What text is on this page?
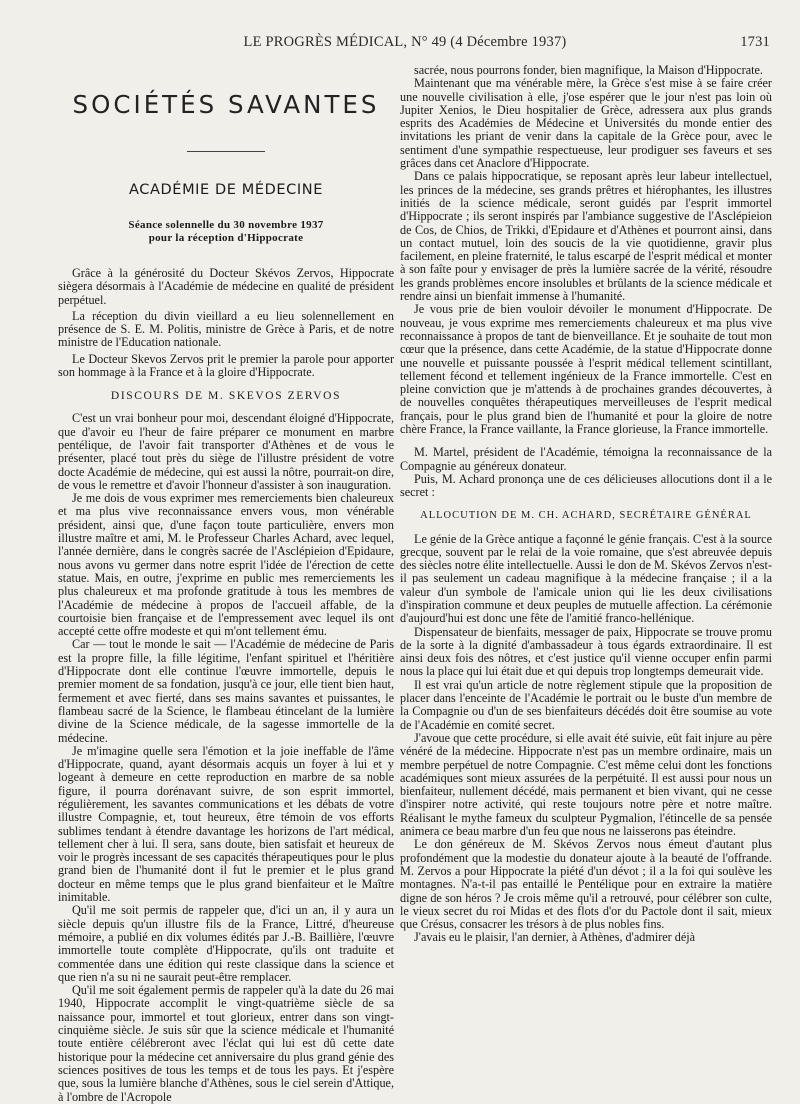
LE PROGRÈS MÉDICAL, N° 49 (4 Décembre 1937)	1731
SOCIÉTÉS SAVANTES
ACADÉMIE DE MÉDECINE
Séance solennelle du 30 novembre 1937
pour la réception d'Hippocrate

Grâce à la générosité du Docteur Skévos Zervos, Hippocrate siègera désormais à l'Académie de médecine en qualité de président perpétuel.

La réception du divin vieillard a eu lieu solennellement en présence de S. E. M. Politis, ministre de Grèce à Paris, et de notre ministre de l'Education nationale.

Le Docteur Skevos Zervos prit le premier la parole pour apporter son hommage à la France et à la gloire d'Hippocrate.

DISCOURS DE M. SKEVOS ZERVOS

C'est un vrai bonheur pour moi, descendant éloigné d'Hippocrate, que d'avoir eu l'heur de faire préparer ce monument en marbre pentélique, de l'avoir fait transporter d'Athènes et de vous le présenter, placé tout près du siège de l'illustre président de votre docte Académie de médecine, qui est aussi la nôtre, pourrait-on dire, de vous le remettre et d'avoir l'honneur d'assister à son inauguration.

Je me dois de vous exprimer mes remerciements bien chaleureux et ma plus vive reconnaissance envers vous, mon vénérable président, ainsi que, d'une façon toute particulière, envers mon illustre maître et ami, M. le Professeur Charles Achard, avec lequel, l'année dernière, dans le congrès sacrée de l'Asclépieion d'Epidaure, nous avons vu germer dans notre esprit l'idée de l'érection de cette statue. Mais, en outre, j'exprime en public mes remerciements les plus chaleureux et ma profonde gratitude à tous les membres de l'Académie de médecine à propos de l'accueil affable, de la courtoisie bien française et de l'empressement avec lequel ils ont accepté cette offre modeste et qui m'ont tellement ému.

Car — tout le monde le sait — l'Académie de médecine de Paris est la propre fille, la fille légitime, l'enfant spirituel et l'héritière d'Hippocrate dont elle continue l'œuvre immortelle, depuis le premier moment de sa fondation, jusqu'à ce jour, elle tient bien haut, fermement et avec fierté, dans ses mains savantes et puissantes, le flambeau sacré de la Science, le flambeau étincelant de la lumière divine de la Science médicale, de la sagesse immortelle de la médecine.

Je m'imagine quelle sera l'émotion et la joie ineffable de l'âme d'Hippocrate, quand, ayant désormais acquis un foyer à lui et y logeant à demeure en cette reproduction en marbre de sa noble figure, il pourra dorénavant suivre, de son esprit immortel, régulièrement, les savantes communications et les débats de votre illustre Compagnie, et, tout heureux, être témoin de vos efforts sublimes tendant à étendre davantage les horizons de l'art médical, tellement cher à lui. Il sera, sans doute, bien satisfait et heureux de voir le progrès incessant de ses capacités thérapeutiques pour le plus grand bien de l'humanité dont il fut le premier et le plus grand docteur en même temps que le plus grand bienfaiteur et le Maître inimitable.

Qu'il me soit permis de rappeler que, d'ici un an, il y aura un siècle depuis qu'un illustre fils de la France, Littré, d'heureuse mémoire, a publié en dix volumes édités par J.-B. Baillière, l'œuvre immortelle toute complète d'Hippocrate, qu'ils ont traduite et commentée dans une édition qui reste classique dans la science et que rien n'a su ni ne saurait peut-être remplacer.

Qu'il me soit également permis de rappeler qu'à la date du 26 mai 1940, Hippocrate accomplit le vingt-quatrième siècle de sa naissance pour, immortel et tout glorieux, entrer dans son vingt-cinquième siècle. Je suis sûr que la science médicale et l'humanité toute entière célébreront avec l'éclat qui lui est dû cette date historique pour la médecine cet anniversaire du plus grand génie des sciences positives de tous les temps et de tous les pays. Et j'espère que, sous la lumière blanche d'Athènes, sous le ciel serein d'Attique, à l'ombre de l'Acropole

sacrée, nous pourrons fonder, bien magnifique, la Maison d'Hippocrate.

Maintenant que ma vénérable mère, la Grèce s'est mise à se faire créer une nouvelle civilisation à elle, j'ose espérer que le jour n'est pas loin où Jupiter Xenios, le Dieu hospitalier de Grèce, adressera aux plus grands esprits des Académies de Médecine et Universités du monde entier des invitations les priant de venir dans la capitale de la Grèce pour, avec le sentiment d'une sympathie respectueuse, leur prodiguer ses faveurs et ses grâces dans cet Anaclore d'Hippocrate.

Dans ce palais hippocratique, se reposant après leur labeur intellectuel, les princes de la médecine, ses grands prêtres et hiérophantes, les illustres initiés de la science médicale, seront guidés par l'esprit immortel d'Hippocrate ; ils seront inspirés par l'ambiance suggestive de l'Asclépieion de Cos, de Chios, de Trikki, d'Epidaure et d'Athènes et pourront ainsi, dans un contact mutuel, loin des soucis de la vie quotidienne, gravir plus facilement, en pleine fraternité, le talus escarpé de l'esprit médical et monter à son faîte pour y envisager de près la lumière sacrée de la vérité, résoudre les grands problèmes encore insolubles et brûlants de la science médicale et rendre ainsi un bienfait immense à l'humanité.

Je vous prie de bien vouloir dévoiler le monument d'Hippocrate. De nouveau, je vous exprime mes remerciements chaleureux et ma plus vive reconnaissance à propos de tant de bienveillance. Et je souhaite de tout mon cœur que la présence, dans cette Académie, de la statue d'Hippocrate donne une nouvelle et puissante poussée à l'esprit médical tellement scintillant, tellement fécond et tellement ingénieux de la France immortelle. C'est en pleine conviction que je m'attends à de prochaines grandes découvertes, à de nouvelles conquêtes thérapeutiques merveilleuses de l'esprit medical français, pour le plus grand bien de l'humanité et pour la gloire de notre chère France, la France vaillante, la France glorieuse, la France immortelle.

M. Martel, président de l'Académie, témoigna la reconnaissance de la Compagnie au généreux donateur.

Puis, M. Achard prononça une de ces délicieuses allocutions dont il a le secret :

ALLOCUTION DE M. CH. ACHARD, SECRÉTAIRE GÉNÉRAL

Le génie de la Grèce antique a façonné le génie français. C'est à la source grecque, souvent par le relai de la voie romaine, que s'est abreuvée depuis des siècles notre élite intellectuelle. Aussi le don de M. Skévos Zervos n'est-il pas seulement un cadeau magnifique à la médecine française ; il a la valeur d'un symbole de l'amicale union qui lie les deux civilisations d'inspiration commune et deux peuples de mutuelle affection. La cérémonie d'aujourd'hui est donc une fête de l'amitié franco-hellénique.

Dispensateur de bienfaits, messager de paix, Hippocrate se trouve promu de la sorte à la dignité d'ambassadeur à tous égards extraordinaire. Il est ainsi deux fois des nôtres, et c'est justice qu'il vienne occuper enfin parmi nous la place qui lui était due et qui depuis trop longtemps demeurait vide.

Il est vrai qu'un article de notre règlement stipule que la proposition de placer dans l'enceinte de l'Académie le portrait ou le buste d'un membre de la Compagnie ou d'un de ses bienfaiteurs décédés doit être soumise au vote de l'Académie en comité secret.

J'avoue que cette procédure, si elle avait été suivie, eût fait injure au père vénéré de la médecine. Hippocrate n'est pas un membre ordinaire, mais un membre perpétuel de notre Compagnie. C'est même celui dont les fonctions académiques sont mieux assurées de la perpétuité. Il est aussi pour nous un bienfaiteur, nullement décédé, mais permanent et bien vivant, qui ne cesse d'inspirer notre activité, qui reste toujours notre père et notre maître. Réalisant le mythe fameux du sculpteur Pygmalion, l'étincelle de sa pensée animera ce beau marbre d'un feu que nous ne laisserons pas éteindre.

Le don généreux de M. Skévos Zervos nous émeut d'autant plus profondément que la modestie du donateur ajoute à la beauté de l'offrande. M. Zervos a pour Hippocrate la piété d'un dévot ; il a la foi qui soulève les montagnes. N'a-t-il pas entaillé le Pentélique pour en extraire la matière digne de son héros ? Je crois même qu'il a retrouvé, pour célébrer son culte, le vieux secret du roi Midas et des flots d'or du Pactole dont il sait, mieux que Crésus, consacrer les trésors à de plus nobles fins.

J'avais eu le plaisir, l'an dernier, à Athènes, d'admirer déjà
